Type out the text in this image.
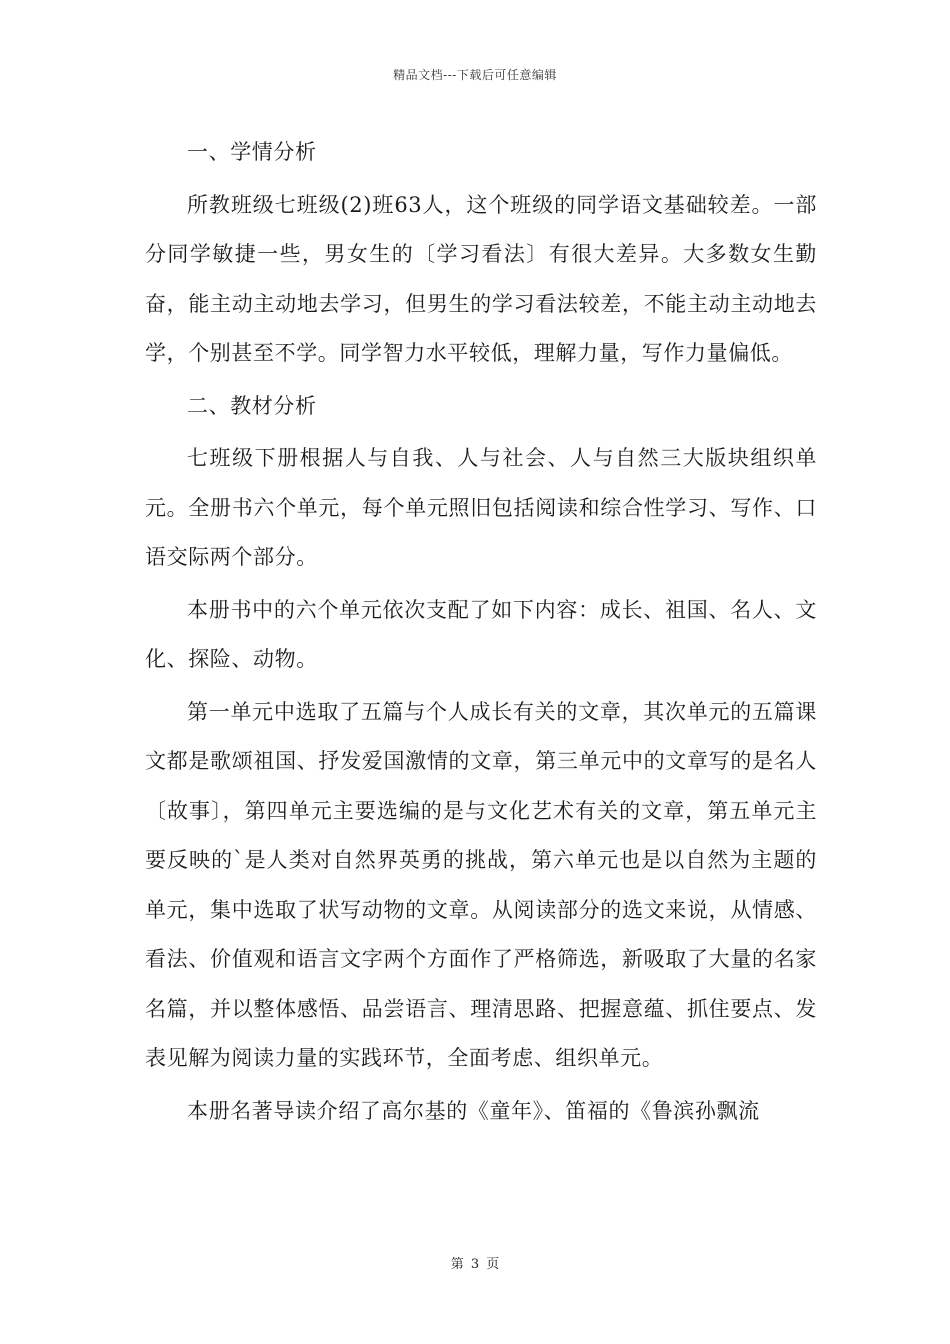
精品文档---下载后可任意编辑

一、学情分析

所教班级七班级(2)班63人，这个班级的同学语文基础较差。一部分同学敏捷一些，男女生的〔学习看法〕有很大差异。大多数女生勤奋，能主动主动地去学习，但男生的学习看法较差，不能主动主动地去学，个别甚至不学。同学智力水平较低，理解力量，写作力量偏低。

二、教材分析

七班级下册根据人与自我、人与社会、人与自然三大版块组织单元。全册书六个单元，每个单元照旧包括阅读和综合性学习、写作、口语交际两个部分。

本册书中的六个单元依次支配了如下内容：成长、祖国、名人、文化、探险、动物。

第一单元中选取了五篇与个人成长有关的文章，其次单元的五篇课文都是歌颂祖国、抒发爱国激情的文章，第三单元中的文章写的是名人〔故事〕，第四单元主要选编的是与文化艺术有关的文章，第五单元主要反映的`是人类对自然界英勇的挑战，第六单元也是以自然为主题的单元，集中选取了状写动物的文章。从阅读部分的选文来说，从情感、看法、价值观和语言文字两个方面作了严格筛选，新吸取了大量的名家名篇，并以整体感悟、品尝语言、理清思路、把握意蕴、抓住要点、发表见解为阅读力量的实践环节，全面考虑、组织单元。

本册名著导读介绍了高尔基的《童年》、笛福的《鲁滨孙飘流

第 3 页
